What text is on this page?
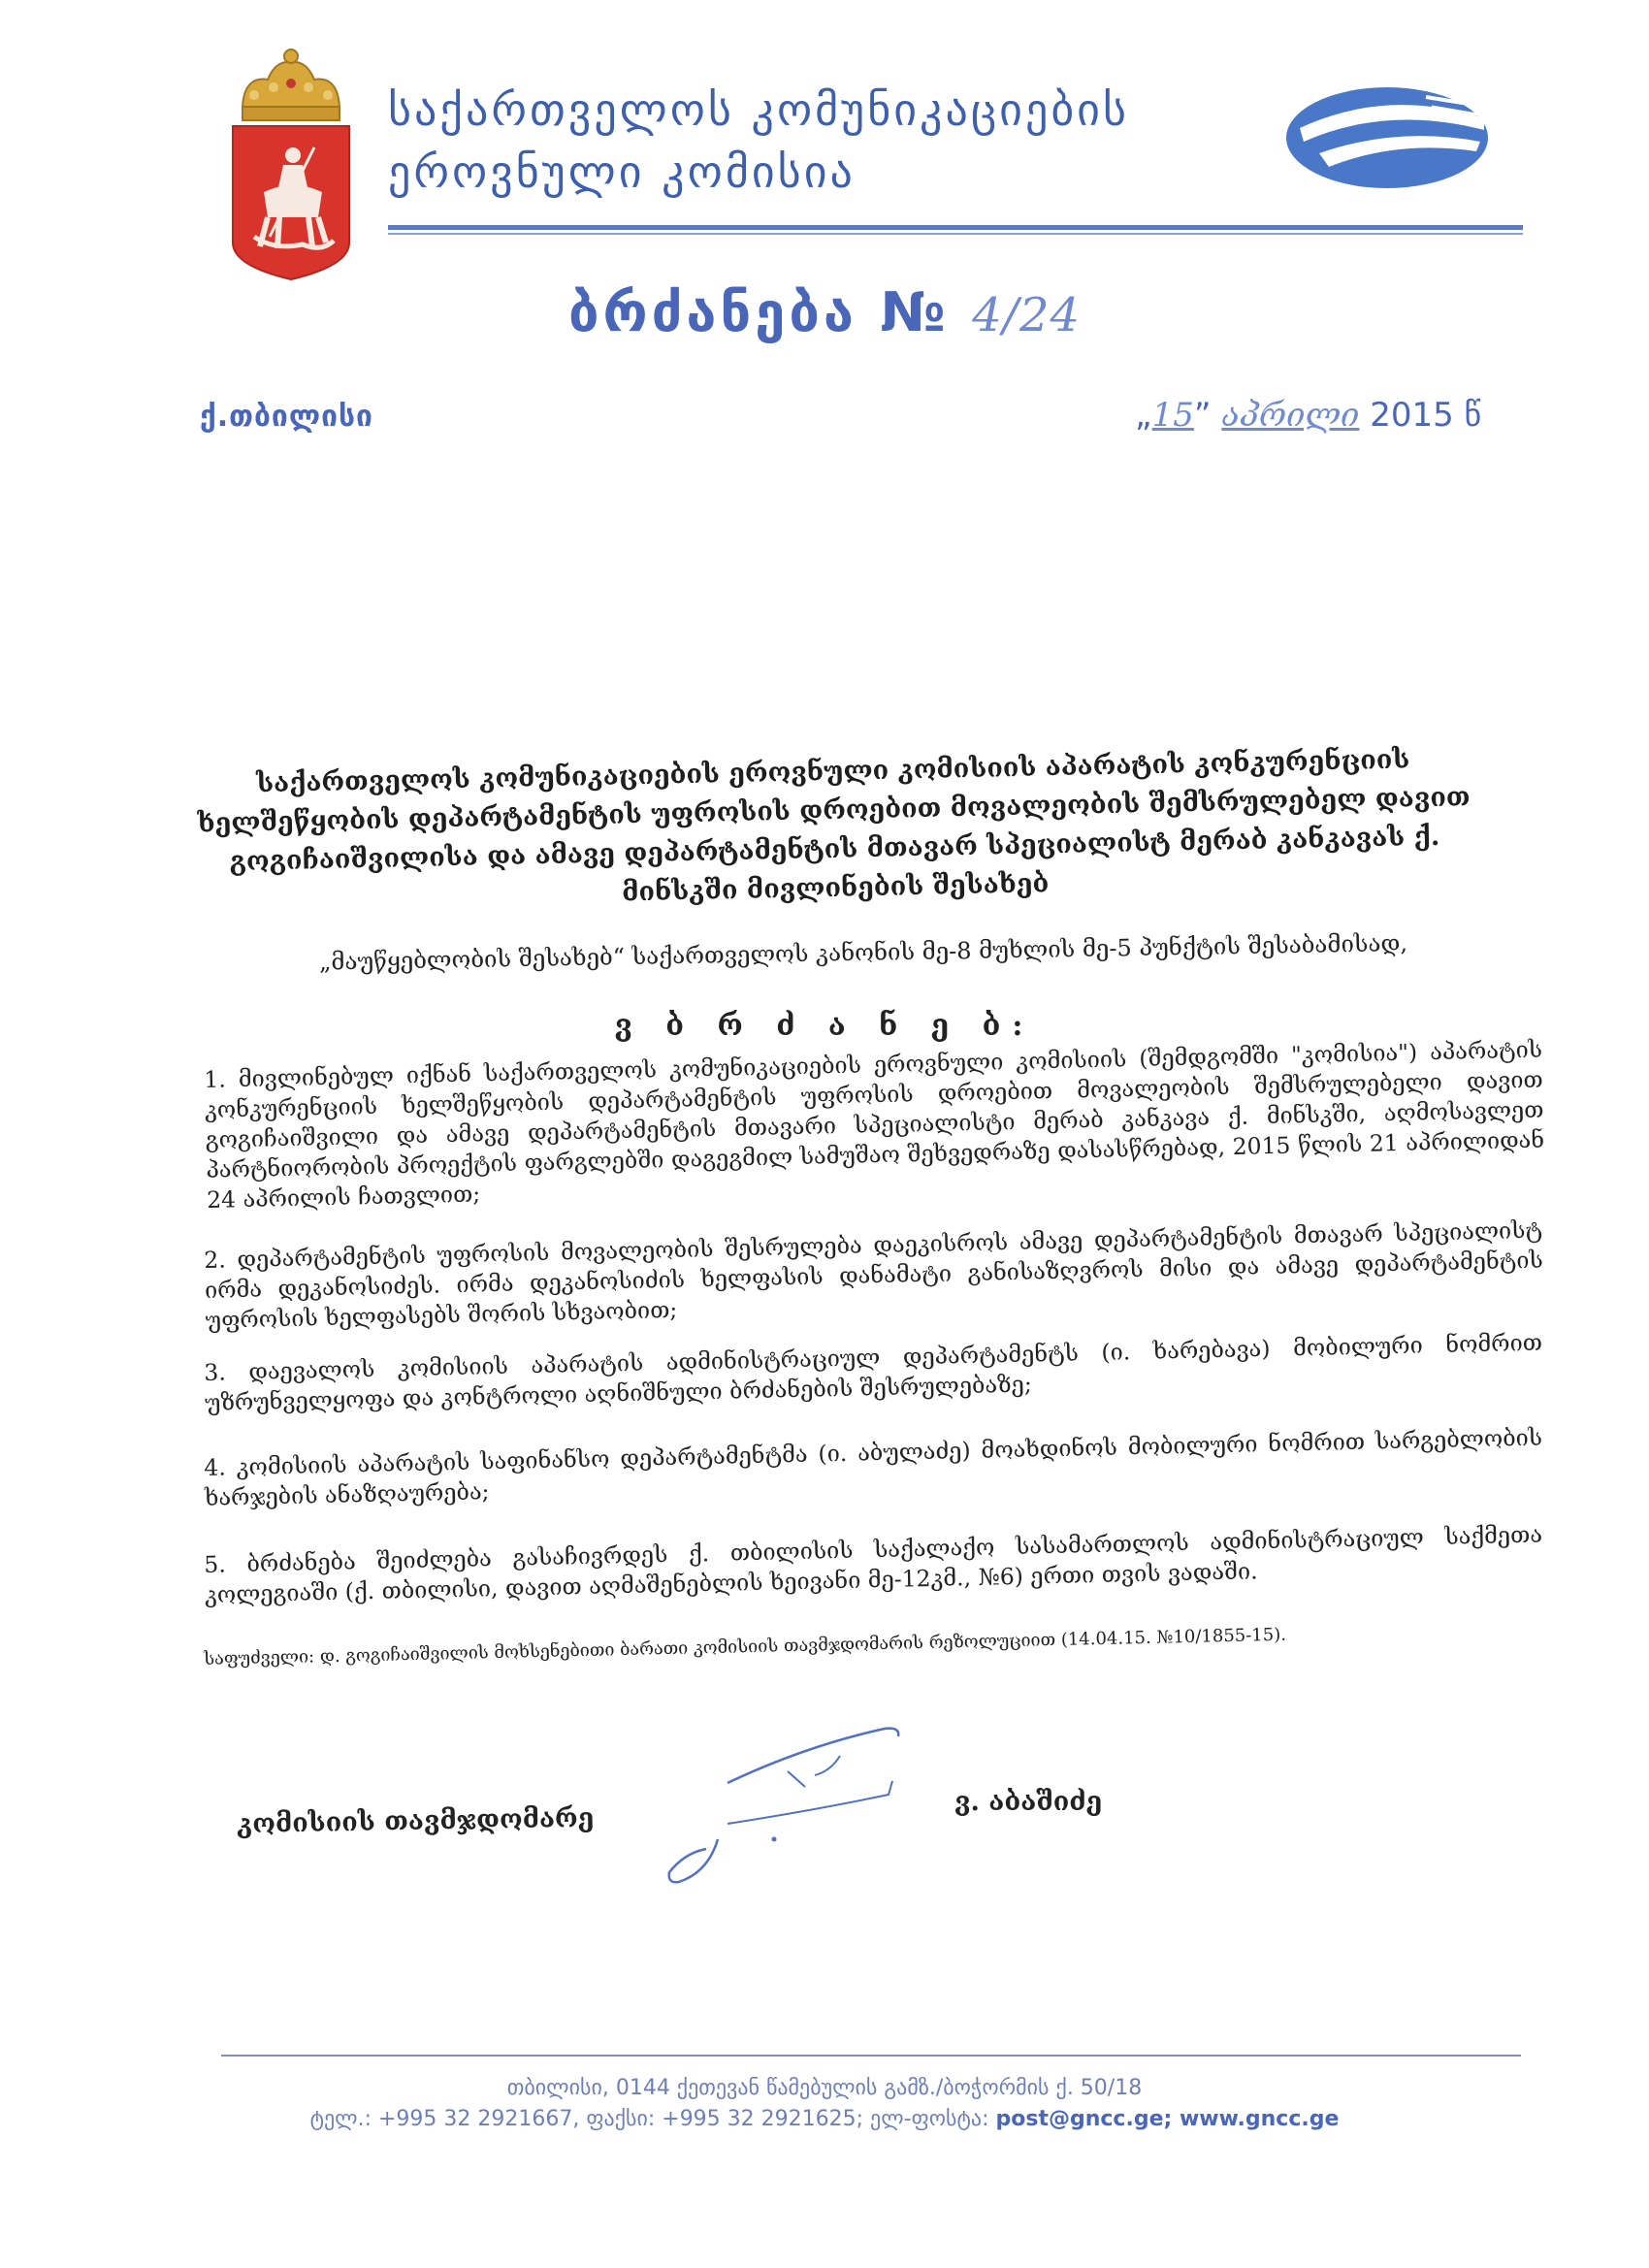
საქართველოს კომუნიკაციების
ეროვნული კომისია
ბრძანება № 4/24
ქ.თბილისი	„15” აპრილი 2015 წ
საქართველოს კომუნიკაციების ეროვნული კომისიის აპარატის კონკურენციის ხელშეწყობის დეპარტამენტის უფროსის დროებით მოვალეობის შემსრულებელ დავით გოგიჩაიშვილისა და ამავე დეპარტამენტის მთავარ სპეციალისტ მერაბ კანკავას ქ. მინსკში მივლინების შესახებ
„მაუწყებლობის შესახებ“ საქართველოს კანონის მე-8 მუხლის მე-5 პუნქტის შესაბამისად,
ვ ბ რ ძ ა ნ ე ბ:
1. მივლინებულ იქნან საქართველოს კომუნიკაციების ეროვნული კომისიის (შემდგომში "კომისია") აპარატის კონკურენციის ხელშეწყობის დეპარტამენტის უფროსის დროებით მოვალეობის შემსრულებელი დავით გოგიჩაიშვილი და ამავე დეპარტამენტის მთავარი სპეციალისტი მერაბ კანკავა ქ. მინსკში, აღმოსავლეთ პარტნიორობის პროექტის ფარგლებში დაგეგმილ სამუშაო შეხვედრაზე დასასწრებად, 2015 წლის 21 აპრილიდან 24 აპრილის ჩათვლით;
2. დეპარტამენტის უფროსის მოვალეობის შესრულება დაეკისროს ამავე დეპარტამენტის მთავარ სპეციალისტ ირმა დეკანოსიძეს. ირმა დეკანოსიძის ხელფასის დანამატი განისაზღვროს მისი და ამავე დეპარტამენტის უფროსის ხელფასებს შორის სხვაობით;
3. დაევალოს კომისიის აპარატის ადმინისტრაციულ დეპარტამენტს (ი. ხარებავა) მობილური ნომრით უზრუნველყოფა და კონტროლი აღნიშნული ბრძანების შესრულებაზე;
4. კომისიის აპარატის საფინანსო დეპარტამენტმა (ი. აბულაძე) მოახდინოს მობილური ნომრით სარგებლობის ხარჯების ანაზღაურება;
5. ბრძანება შეიძლება გასაჩივრდეს ქ. თბილისის საქალაქო სასამართლოს ადმინისტრაციულ საქმეთა კოლეგიაში (ქ. თბილისი, დავით აღმაშენებლის ხეივანი მე-12კმ., №6) ერთი თვის ვადაში.
საფუძველი: დ. გოგიჩაიშვილის მოხსენებითი ბარათი კომისიის თავმჯდომარის რეზოლუციით (14.04.15. №10/1855-15).
კომისიის თავმჯდომარე
ვ. აბაშიძე
თბილისი, 0144 ქეთევან წამებულის გამზ./ბოჭორმის ქ. 50/18
ტელ.: +995 32 2921667, ფაქსი: +995 32 2921625; ელ-ფოსტა: post@gncc.ge; www.gncc.ge
